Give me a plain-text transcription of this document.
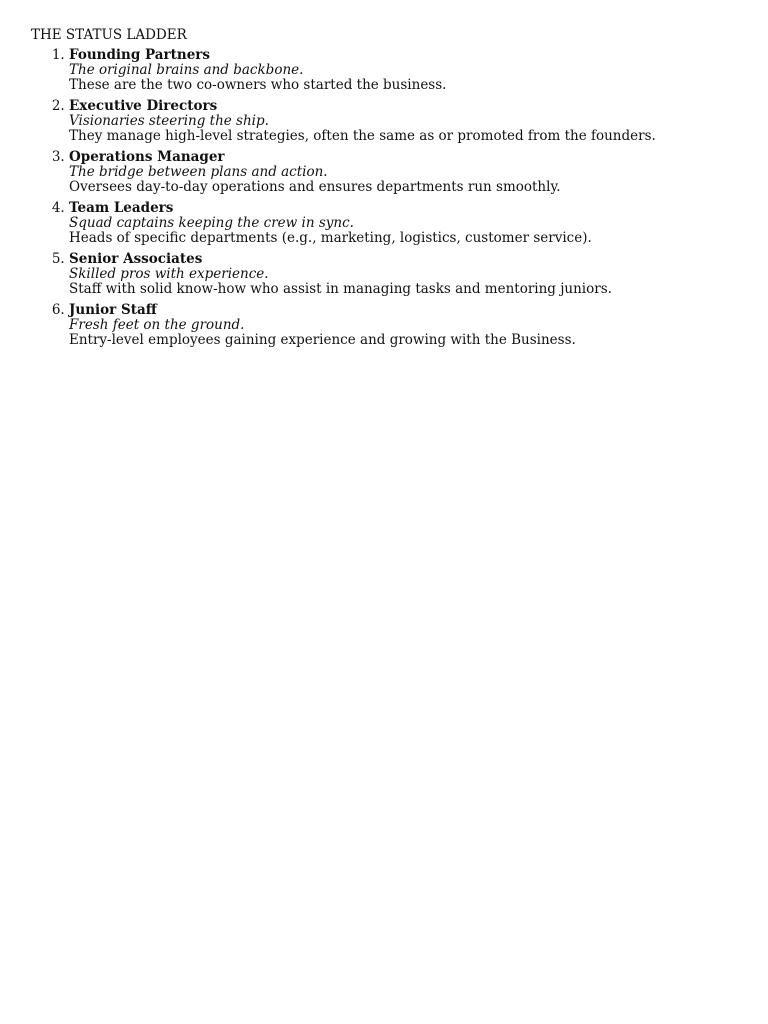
THE STATUS LADDER
1. Founding Partners
The original brains and backbone.
These are the two co-owners who started the business.
2. Executive Directors
Visionaries steering the ship.
They manage high-level strategies, often the same as or promoted from the founders.
3. Operations Manager
The bridge between plans and action.
Oversees day-to-day operations and ensures departments run smoothly.
4. Team Leaders
Squad captains keeping the crew in sync.
Heads of specific departments (e.g., marketing, logistics, customer service).
5. Senior Associates
Skilled pros with experience.
Staff with solid know-how who assist in managing tasks and mentoring juniors.
6. Junior Staff
Fresh feet on the ground.
Entry-level employees gaining experience and growing with the Business.
